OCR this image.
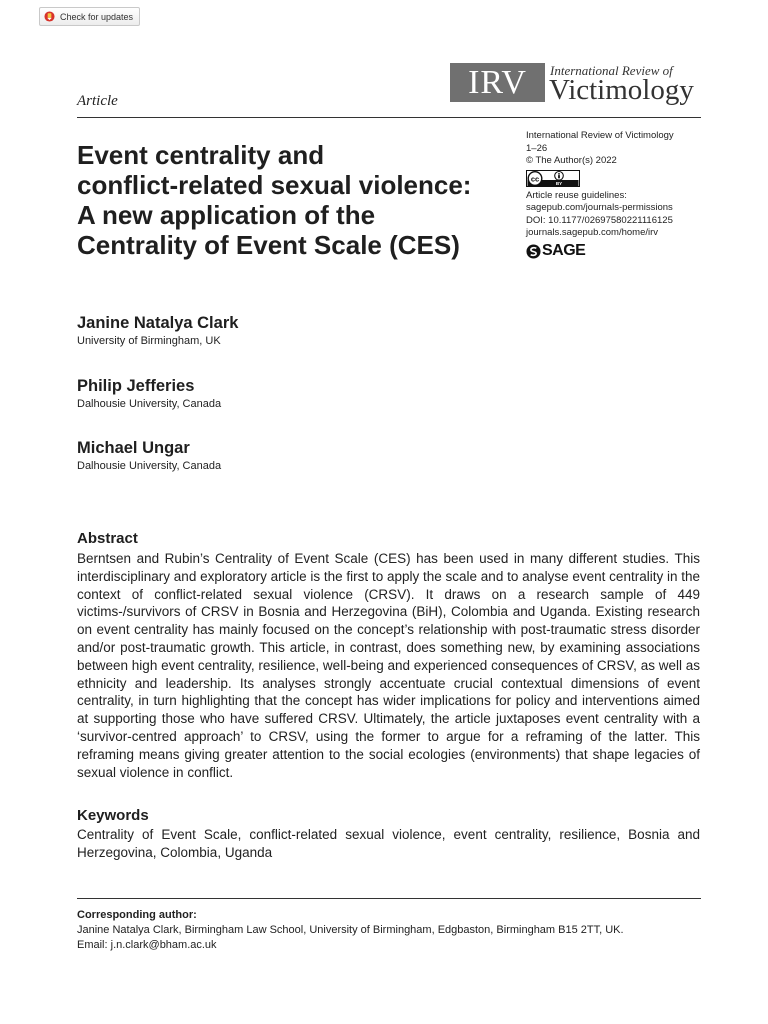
Check for updates
Article	IRV	International Review of
Victimology
Event centrality and
conflict-related sexual violence:
A new application of the
Centrality of Event Scale (CES)
International Review of Victimology
1–26
© The Author(s) 2022
cc
BY
Article reuse guidelines:
sagepub.com/journals-permissions
DOI: 10.1177/02697580221116125
journals.sagepub.com/home/irv
SAGE
Janine Natalya Clark
University of Birmingham, UK
Philip Jefferies
Dalhousie University, Canada
Michael Ungar
Dalhousie University, Canada
Abstract

Berntsen and Rubin’s Centrality of Event Scale (CES) has been used in many different studies. This interdisciplinary and exploratory article is the first to apply the scale and to analyse event centrality in the context of conflict-related sexual violence (CRSV). It draws on a research sample of 449 victims-/survivors of CRSV in Bosnia and Herzegovina (BiH), Colombia and Uganda. Existing research on event centrality has mainly focused on the concept’s relationship with post-traumatic stress disorder and/or post-traumatic growth. This article, in contrast, does something new, by examining associations between high event centrality, resilience, well-being and experienced consequences of CRSV, as well as ethnicity and leadership. Its analyses strongly accentuate crucial contextual dimensions of event centrality, in turn highlighting that the concept has wider implications for policy and interventions aimed at supporting those who have suffered CRSV. Ultimately, the article juxtaposes event centrality with a ‘survivor-centred approach’ to CRSV, using the former to argue for a reframing of the latter. This reframing means giving greater attention to the social ecologies (environments) that shape legacies of sexual violence in conflict.

Keywords

Centrality of Event Scale, conflict-related sexual violence, event centrality, resilience, Bosnia and Herzegovina, Colombia, Uganda

Corresponding author:
Janine Natalya Clark, Birmingham Law School, University of Birmingham, Edgbaston, Birmingham B15 2TT, UK.
Email: j.n.clark@bham.ac.uk
